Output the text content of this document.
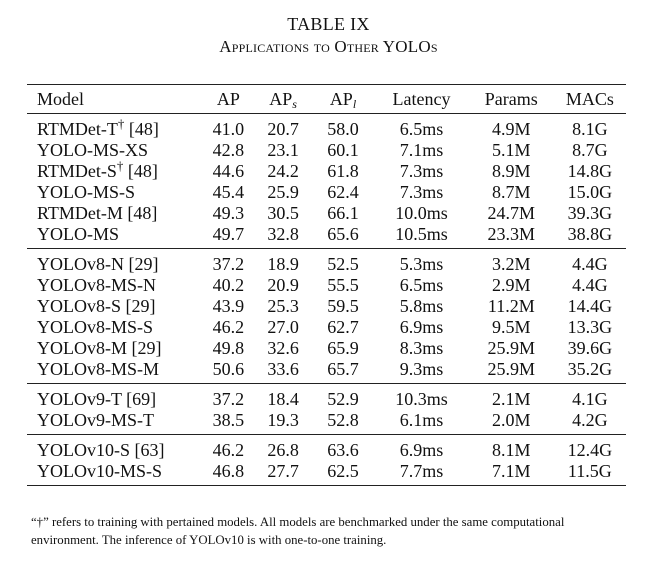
TABLE IX
Applications to Other YOLOs
Model	AP	$AP_s$	$AP_l$	Latency	Params	MACs
RTMDet-T† [48]	41.0	20.7	58.0	6.5ms	4.9M	8.1G
YOLO-MS-XS	42.8	23.1	60.1	7.1ms	5.1M	8.7G
RTMDet-S† [48]	44.6	24.2	61.8	7.3ms	8.9M	14.8G
YOLO-MS-S	45.4	25.9	62.4	7.3ms	8.7M	15.0G
RTMDet-M [48]	49.3	30.5	66.1	10.0ms	24.7M	39.3G
YOLO-MS	49.7	32.8	65.6	10.5ms	23.3M	38.8G
YOLOv8-N [29]	37.2	18.9	52.5	5.3ms	3.2M	4.4G
YOLOv8-MS-N	40.2	20.9	55.5	6.5ms	2.9M	4.4G
YOLOv8-S [29]	43.9	25.3	59.5	5.8ms	11.2M	14.4G
YOLOv8-MS-S	46.2	27.0	62.7	6.9ms	9.5M	13.3G
YOLOv8-M [29]	49.8	32.6	65.9	8.3ms	25.9M	39.6G
YOLOv8-MS-M	50.6	33.6	65.7	9.3ms	25.9M	35.2G
YOLOv9-T [69]	37.2	18.4	52.9	10.3ms	2.1M	4.1G
YOLOv9-MS-T	38.5	19.3	52.8	6.1ms	2.0M	4.2G
YOLOv10-S [63]	46.2	26.8	63.6	6.9ms	8.1M	12.4G
YOLOv10-MS-S	46.8	27.7	62.5	7.7ms	7.1M	11.5G
“†” refers to training with pertained models. All models are benchmarked under the same computational environment. The inference of YOLOv10 is with one-to-one training.
